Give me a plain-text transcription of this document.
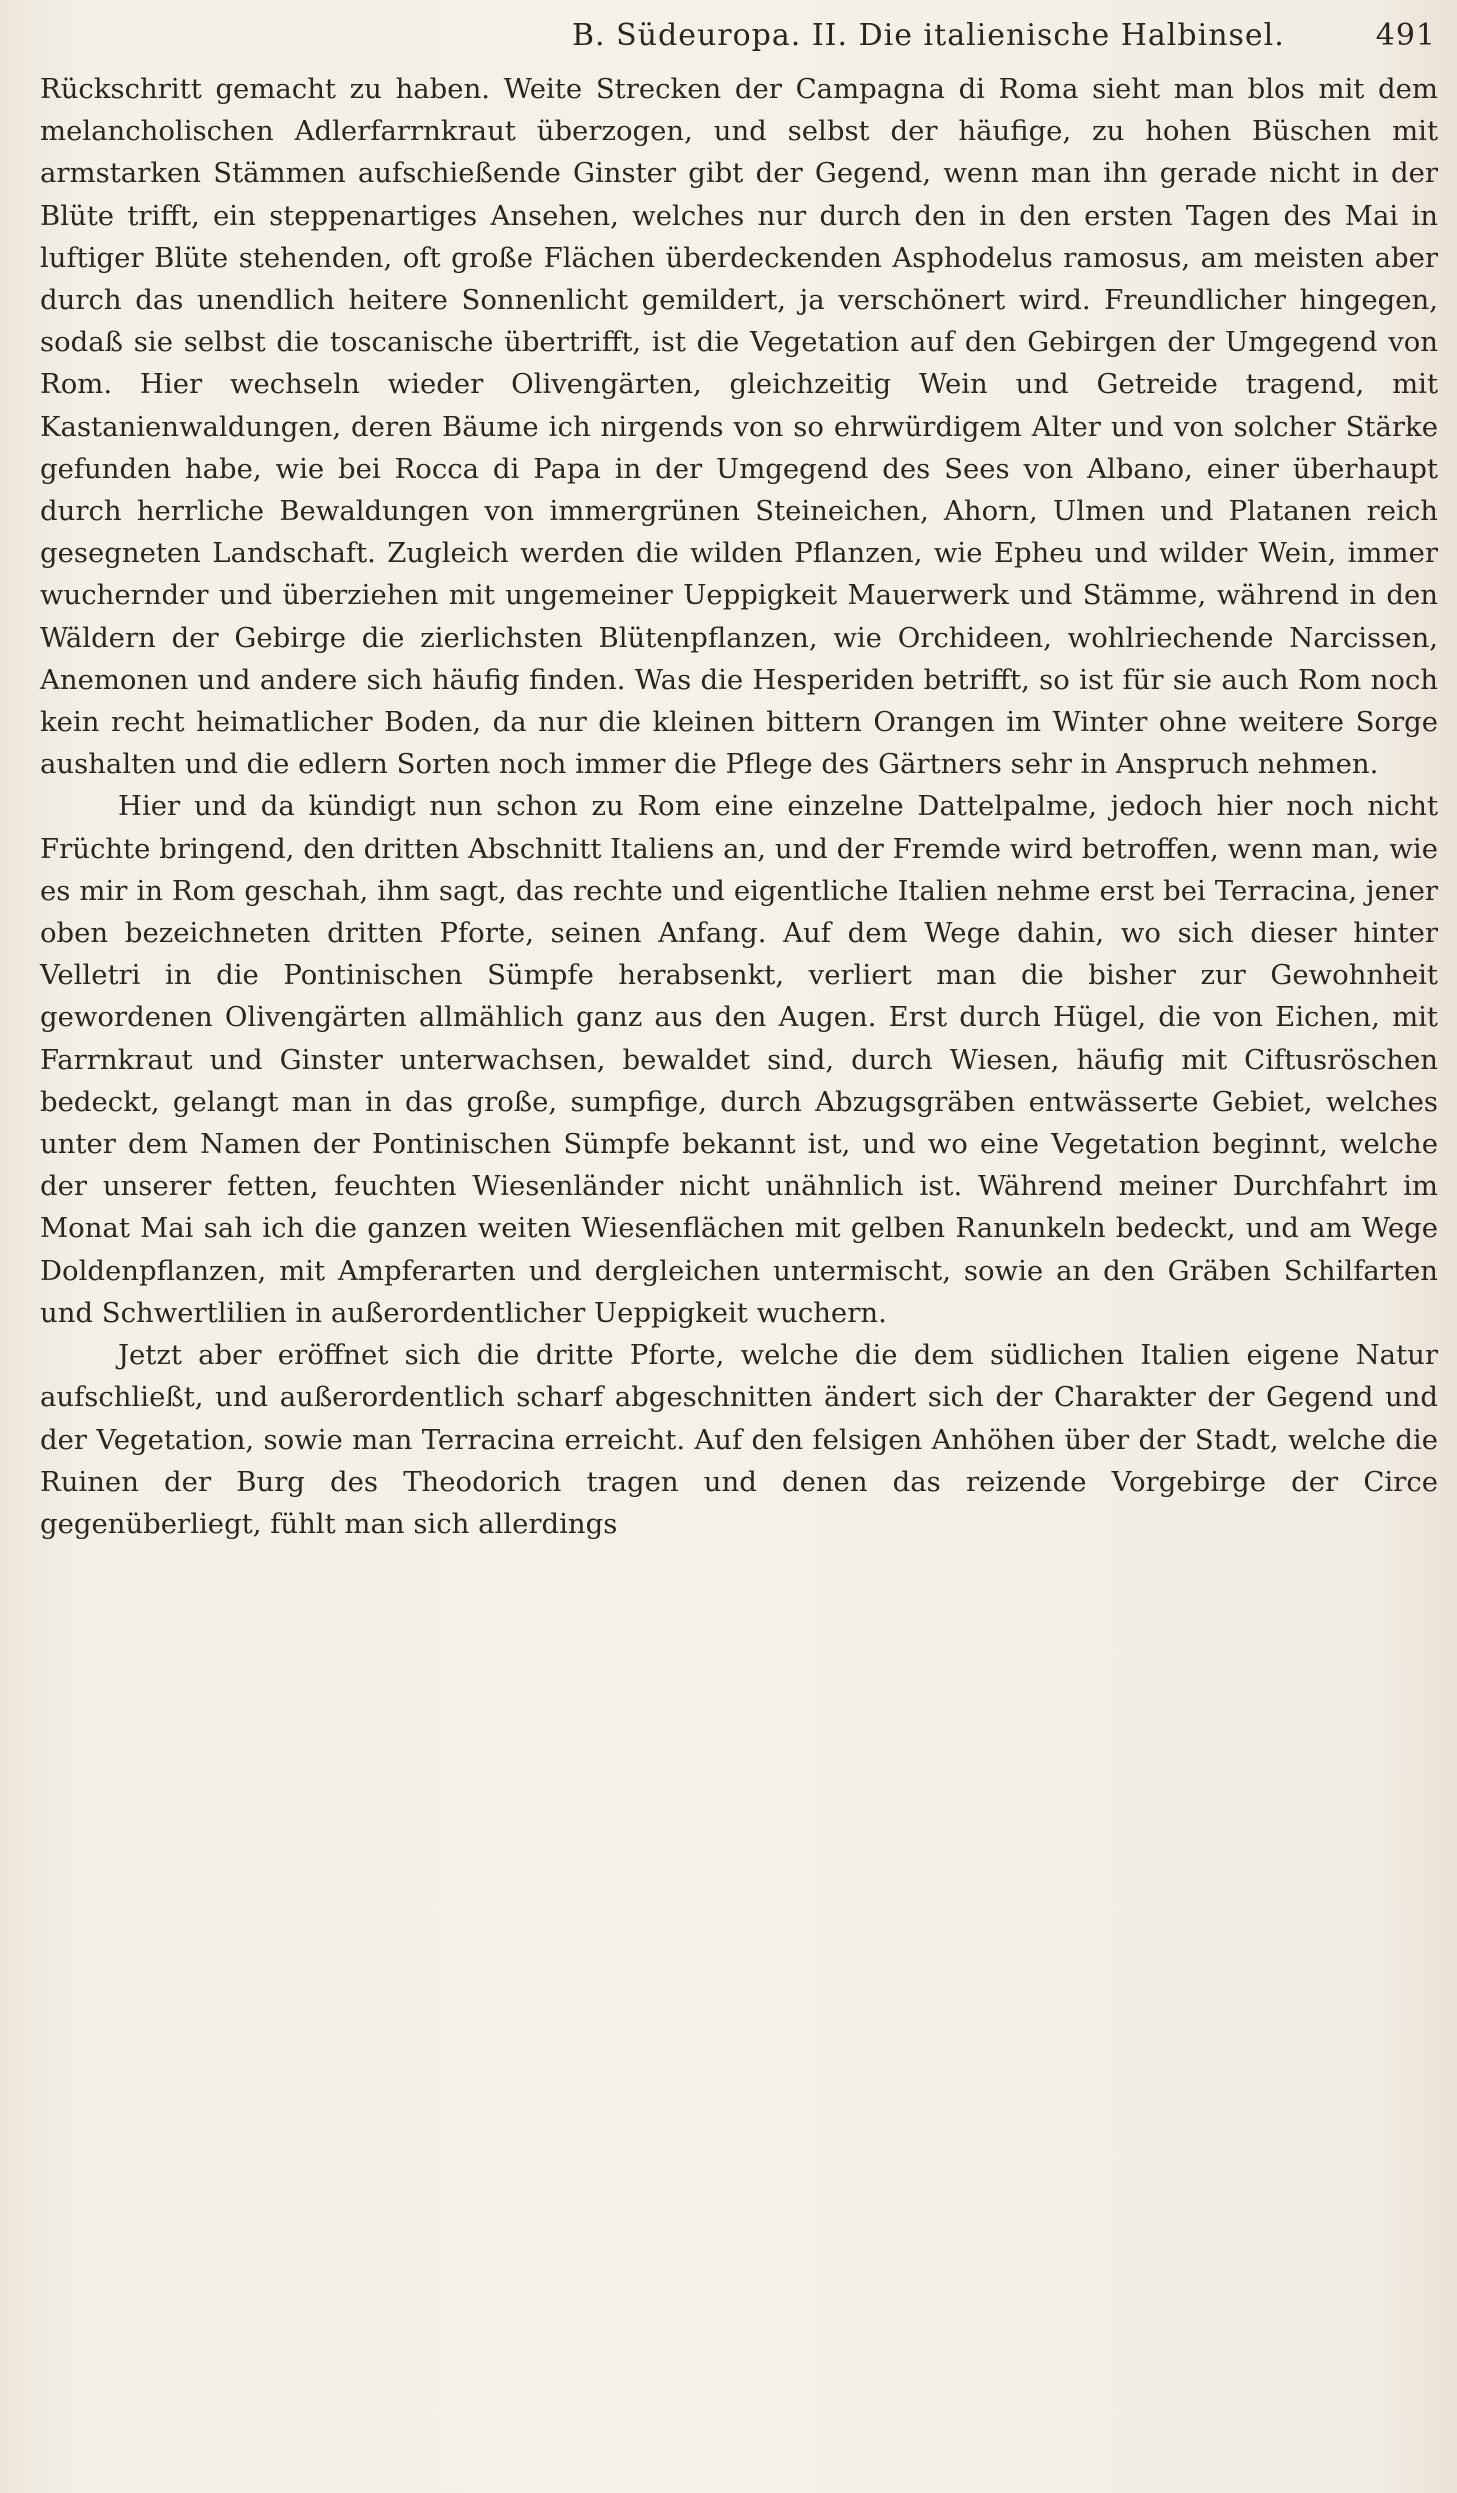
B. Südeuropa. II. Die italienische Halbinsel.	491

Rückschritt gemacht zu haben. Weite Strecken der Campagna di Roma sieht man blos mit dem melancholischen Adlerfarrnkraut überzogen, und selbst der häufige, zu hohen Büschen mit armstarken Stämmen aufschießende Ginster gibt der Gegend, wenn man ihn gerade nicht in der Blüte trifft, ein steppenartiges Ansehen, welches nur durch den in den ersten Tagen des Mai in luftiger Blüte stehenden, oft große Flächen überdeckenden Asphodelus ramosus, am meisten aber durch das unendlich heitere Sonnenlicht gemildert, ja verschönert wird. Freundlicher hingegen, sodaß sie selbst die toscanische übertrifft, ist die Vegetation auf den Gebirgen der Umgegend von Rom. Hier wechseln wieder Olivengärten, gleichzeitig Wein und Getreide tragend, mit Kastanienwaldungen, deren Bäume ich nirgends von so ehrwürdigem Alter und von solcher Stärke gefunden habe, wie bei Rocca di Papa in der Umgegend des Sees von Albano, einer überhaupt durch herrliche Bewaldungen von immergrünen Steineichen, Ahorn, Ulmen und Platanen reich gesegneten Landschaft. Zugleich werden die wilden Pflanzen, wie Epheu und wilder Wein, immer wuchernder und überziehen mit ungemeiner Ueppigkeit Mauerwerk und Stämme, während in den Wäldern der Gebirge die zierlichsten Blütenpflanzen, wie Orchideen, wohlriechende Narcissen, Anemonen und andere sich häufig finden. Was die Hesperiden betrifft, so ist für sie auch Rom noch kein recht heimatlicher Boden, da nur die kleinen bittern Orangen im Winter ohne weitere Sorge aushalten und die edlern Sorten noch immer die Pflege des Gärtners sehr in Anspruch nehmen.

Hier und da kündigt nun schon zu Rom eine einzelne Dattelpalme, jedoch hier noch nicht Früchte bringend, den dritten Abschnitt Italiens an, und der Fremde wird betroffen, wenn man, wie es mir in Rom geschah, ihm sagt, das rechte und eigentliche Italien nehme erst bei Terracina, jener oben bezeichneten dritten Pforte, seinen Anfang. Auf dem Wege dahin, wo sich dieser hinter Velletri in die Pontinischen Sümpfe herabsenkt, verliert man die bisher zur Gewohnheit gewordenen Olivengärten allmählich ganz aus den Augen. Erst durch Hügel, die von Eichen, mit Farrnkraut und Ginster unterwachsen, bewaldet sind, durch Wiesen, häufig mit Ciftusröschen bedeckt, gelangt man in das große, sumpfige, durch Abzugsgräben entwässerte Gebiet, welches unter dem Namen der Pontinischen Sümpfe bekannt ist, und wo eine Vegetation beginnt, welche der unserer fetten, feuchten Wiesenländer nicht unähnlich ist. Während meiner Durchfahrt im Monat Mai sah ich die ganzen weiten Wiesenflächen mit gelben Ranunkeln bedeckt, und am Wege Doldenpflanzen, mit Ampferarten und dergleichen untermischt, sowie an den Gräben Schilfarten und Schwertlilien in außerordentlicher Ueppigkeit wuchern.

Jetzt aber eröffnet sich die dritte Pforte, welche die dem südlichen Italien eigene Natur aufschließt, und außerordentlich scharf abgeschnitten ändert sich der Charakter der Gegend und der Vegetation, sowie man Terracina erreicht. Auf den felsigen Anhöhen über der Stadt, welche die Ruinen der Burg des Theodorich tragen und denen das reizende Vorgebirge der Circe gegenüberliegt, fühlt man sich allerdings
